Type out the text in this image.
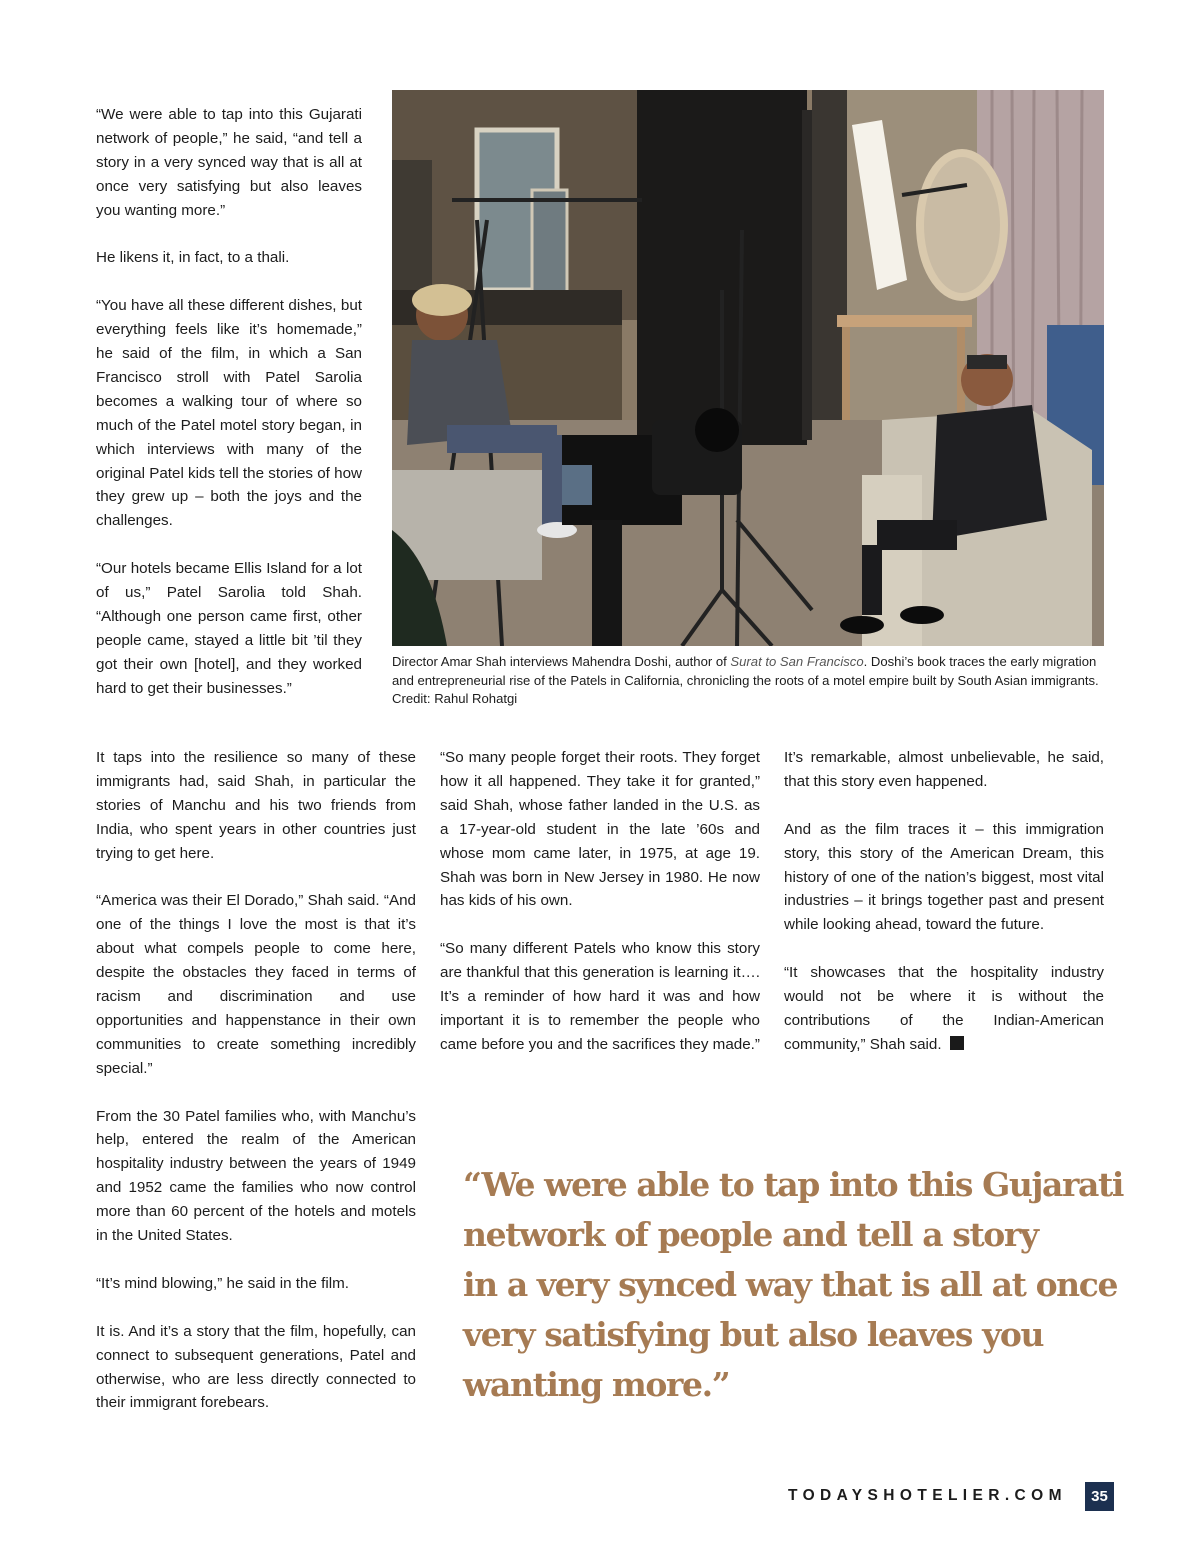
“We were able to tap into this Gujarati network of people,” he said, “and tell a story in a very synced way that is all at once very satisfying but also leaves you wanting more.”

He likens it, in fact, to a thali.

“You have all these different dishes, but everything feels like it’s homemade,” he said of the film, in which a San Francisco stroll with Patel Sarolia becomes a walking tour of where so much of the Patel motel story began, in which interviews with many of the original Patel kids tell the stories of how they grew up – both the joys and the challenges.

“Our hotels became Ellis Island for a lot of us,” Patel Sarolia told Shah. “Although one person came first, other people came, stayed a little bit ’til they got their own [hotel], and they worked hard to get their businesses.”

Director Amar Shah interviews Mahendra Doshi, author of Surat to San Francisco. Doshi’s book traces the early migration and entrepreneurial rise of the Patels in California, chronicling the roots of a motel empire built by South Asian immigrants. Credit: Rahul Rohatgi

It taps into the resilience so many of these immigrants had, said Shah, in particular the stories of Manchu and his two friends from India, who spent years in other countries just trying to get here.

“America was their El Dorado,” Shah said. “And one of the things I love the most is that it’s about what compels people to come here, despite the obstacles they faced in terms of racism and discrimination and use opportunities and happenstance in their own communities to create something incredibly special.”

From the 30 Patel families who, with Manchu’s help, entered the realm of the American hospitality industry between the years of 1949 and 1952 came the families who now control more than 60 percent of the hotels and motels in the United States.

“It’s mind blowing,” he said in the film.

It is. And it’s a story that the film, hopefully, can connect to subsequent generations, Patel and otherwise, who are less directly connected to their immigrant forebears.

“So many people forget their roots. They forget how it all happened. They take it for granted,” said Shah, whose father landed in the U.S. as a 17-year-old student in the late ’60s and whose mom came later, in 1975, at age 19. Shah was born in New Jersey in 1980. He now has kids of his own.

“So many different Patels who know this story are thankful that this generation is learning it…. It’s a reminder of how hard it was and how important it is to remember the people who came before you and the sacrifices they made.”

It’s remarkable, almost unbelievable, he said, that this story even happened.

And as the film traces it – this immigration story, this story of the American Dream, this history of one of the nation’s biggest, most vital industries – it brings together past and present while looking ahead, toward the future.

“It showcases that the hospitality industry would not be where it is without the contributions of the Indian-American community,” Shah said.

“We were able to tap into this Gujarati
network of people and tell a story
in a very synced way that is all at once
very satisfying but also leaves you
wanting more.”
TODAYSHOTELIER.COM	35
